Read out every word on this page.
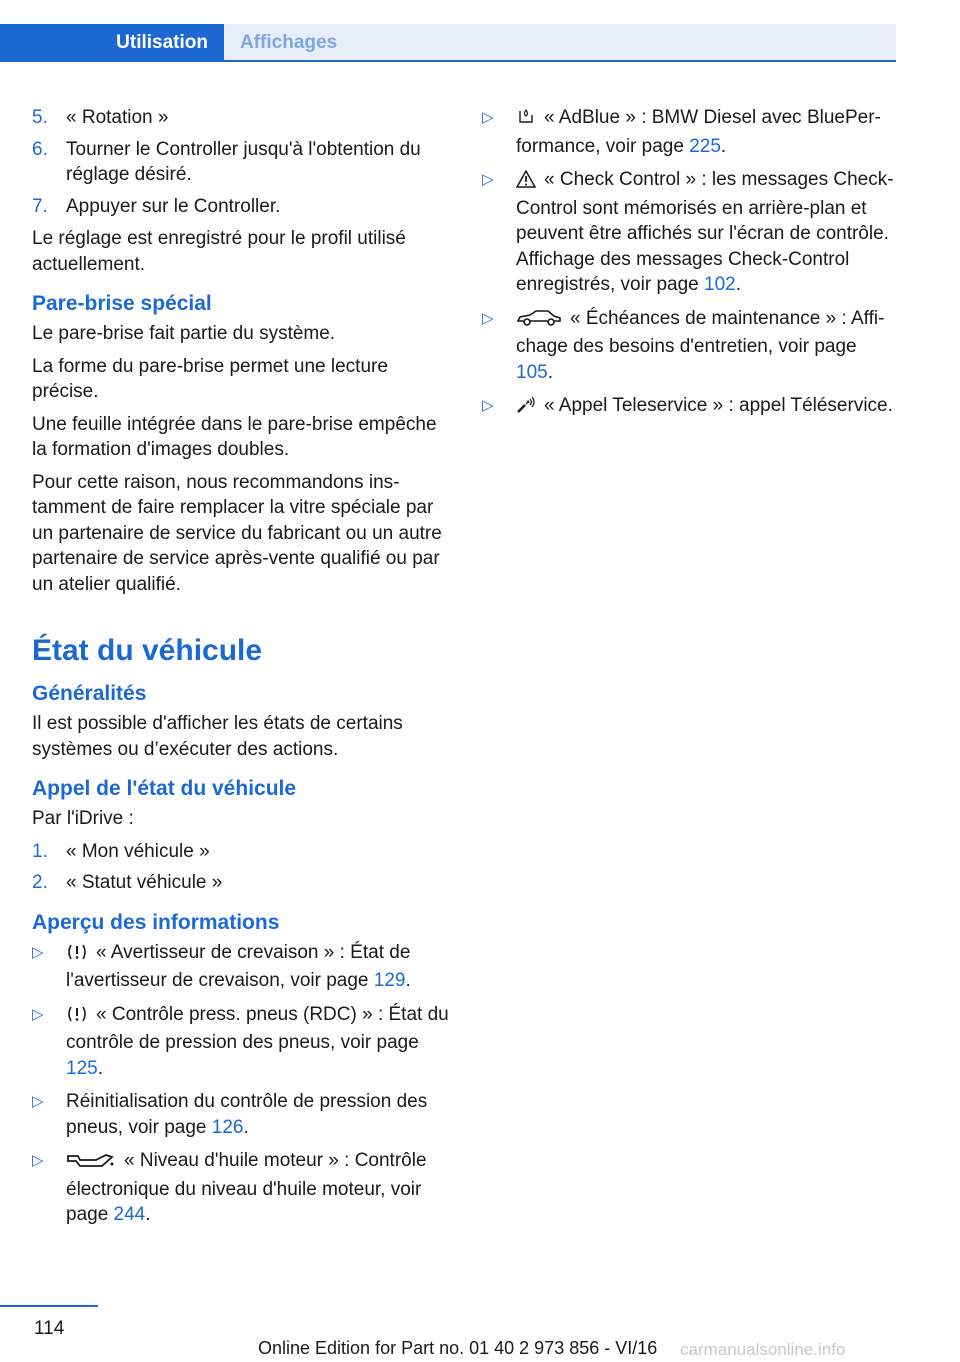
Utilisation	Affichages
5. « Rotation »
6. Tourner le Controller jusqu'à l'obtention du réglage désiré.
7. Appuyer sur le Controller.

Le réglage est enregistré pour le profil utilisé actuellement.

Pare-brise spécial

Le pare-brise fait partie du système.

La forme du pare-brise permet une lecture précise.

Une feuille intégrée dans le pare-brise empêche la formation d'images doubles.

Pour cette raison, nous recommandons instamment de faire remplacer la vitre spéciale par un partenaire de service du fabricant ou un autre partenaire de service après-vente qualifié ou par un atelier qualifié.

État du véhicule
Généralités

Il est possible d'afficher les états de certains systèmes ou d’exécuter des actions.

Appel de l'état du véhicule

Par l'iDrive :

1. « Mon véhicule »
2. « Statut véhicule »
Aperçu des informations
▷	« Avertisseur de crevaison » : État de l'avertisseur de crevaison, voir page 129.
▷	« Contrôle press. pneus (RDC) » : État du contrôle de pression des pneus, voir page 125.
▷	Réinitialisation du contrôle de pression des pneus, voir page 126.
▷	« Niveau d'huile moteur » : Contrôle électronique du niveau d'huile moteur, voir page 244.
▷	« AdBlue » : BMW Diesel avec BluePerformance, voir page 225.
▷	« Check Control » : les messages Check-Control sont mémorisés en arrière-plan et peuvent être affichés sur l'écran de contrôle. Affichage des messages Check-Control enregistrés, voir page 102.
▷	« Échéances de maintenance » : Affichage des besoins d'entretien, voir page 105.
▷	« Appel Teleservice » : appel Téléservice.
114
Online Edition for Part no. 01 40 2 973 856 - VI/16 carmanualsonline.info
